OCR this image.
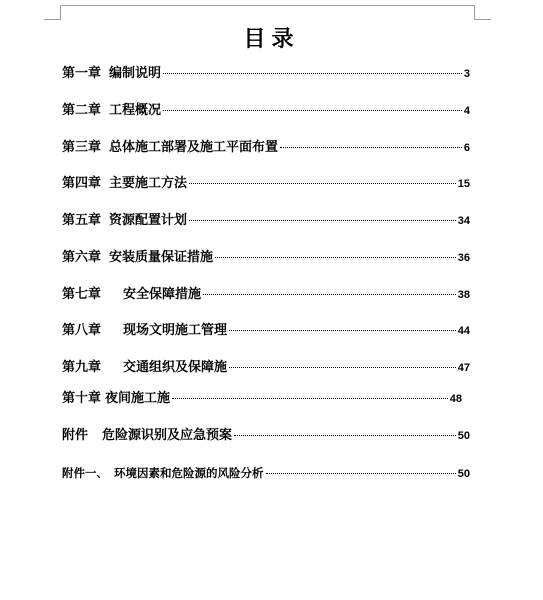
目录
第一章 编制说明	3
第二章 工程概况	4
第三章 总体施工部署及施工平面布置	6
第四章 主要施工方法	15
第五章 资源配置计划	34
第六章 安装质量保证措施	36
第七章 安全保障措施	38
第八章 现场文明施工管理	44
第九章 交通组织及保障施	47
第十章 夜间施工施	48
附件 危险源识别及应急预案	50
附件一、 环境因素和危险源的风险分析	50
